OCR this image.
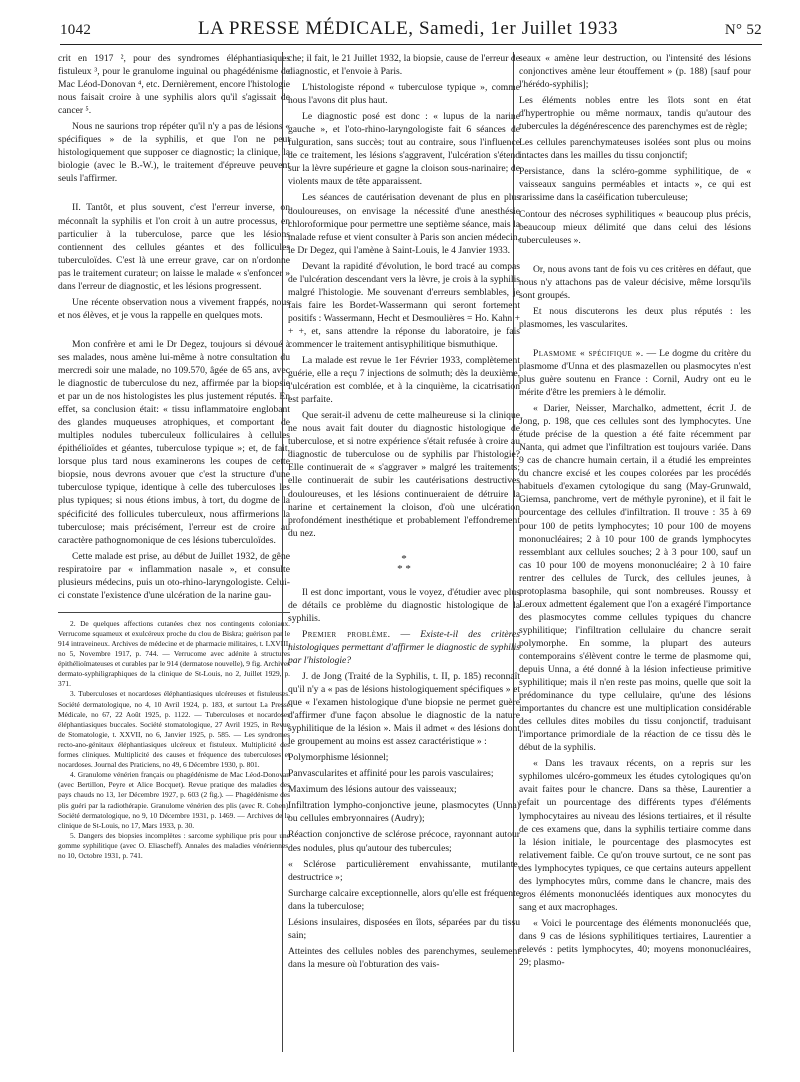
1042	LA PRESSE MÉDICALE, Samedi, 1er Juillet 1933	N° 52

crit en 1917 ², pour des syndromes éléphantiasiques fistuleux ³, pour le granulome inguinal ou phagédénisme de Mac Léod-Donovan ⁴, etc. Dernièrement, encore l'histologie nous faisait croire à une syphilis alors qu'il s'agissait de cancer ⁵.

Nous ne saurions trop répéter qu'il n'y a pas de lésions « spécifiques » de la syphilis, et que l'on ne peut histologiquement que supposer ce diagnostic; la clinique, la biologie (avec le B.-W.), le traitement d'épreuve peuvent seuls l'affirmer.

II. Tantôt, et plus souvent, c'est l'erreur inverse, on méconnaît la syphilis et l'on croit à un autre processus, en particulier à la tuberculose, parce que les lésions contiennent des cellules géantes et des follicules tuberculoïdes. C'est là une erreur grave, car on n'ordonne pas le traitement curateur; on laisse le malade « s'enfoncer » dans l'erreur de diagnostic, et les lésions progressent.

Une récente observation nous a vivement frappés, nous et nos élèves, et je vous la rappelle en quelques mots.

Mon confrère et ami le Dr Degez, toujours si dévoué à ses malades, nous amène lui-même à notre consultation du mercredi soir une malade, no 109.570, âgée de 65 ans, avec le diagnostic de tuberculose du nez, affirmée par la biopsie et par un de nos histologistes les plus justement réputés. En effet, sa conclusion était: « tissu inflammatoire englobant des glandes muqueuses atrophiques, et comportant de multiples nodules tuberculeux folliculaires à cellules épithélioïdes et géantes, tuberculose typique »; et, de fait, lorsque plus tard nous examinerons les coupes de cette biopsie, nous devrons avouer que c'est la structure d'une tuberculose typique, identique à celle des tuberculoses les plus typiques; si nous étions imbus, à tort, du dogme de la spécificité des follicules tuberculeux, nous affirmerions la tuberculose; mais précisément, l'erreur est de croire au caractère pathognomonique de ces lésions tuberculoïdes.

Cette malade est prise, au début de Juillet 1932, de gêne respiratoire par « inflammation nasale », et consulte plusieurs médecins, puis un oto-rhino-laryngologiste. Celui-ci constate l'existence d'une ulcération de la narine gau-

2. De quelques affections cutanées chez nos contingents coloniaux. Verrucome squameux et exulcéreux proche du clou de Biskra; guérison par le 914 intraveineux. Archives de médecine et de pharmacie militaires, t. LXVIII, no 5, Novembre 1917, p. 744. — Verrucome avec adénite à structures épithélioïmateuses et curables par le 914 (dermatose nouvelle), 9 fig. Archives dermato-syphiligraphiques de la clinique de St-Louis, no 2, Juillet 1929, p. 371.

3. Tuberculoses et nocardoses éléphantiasiques ulcéreuses et fistuleuses. Société dermatologique, no 4, 10 Avril 1924, p. 183, et surtout La Presse Médicale, no 67, 22 Août 1925, p. 1122. — Tuberculoses et nocardoses éléphantiasiques buccales. Société stomatologique, 27 Avril 1925, in Revue de Stomatologie, t. XXVII, no 6, Janvier 1925, p. 585. — Les syndromes recto-ano-génitaux éléphantiasiques ulcéreux et fistuleux. Multiplicité des formes cliniques. Multiplicité des causes et fréquence des tuberculoses et nocardoses. Journal des Praticiens, no 49, 6 Décembre 1930, p. 801.

4. Granulome vénérien français ou phagédénisme de Mac Léod-Donovan (avec Bertillon, Peyre et Alice Bocquet). Revue pratique des maladies des pays chauds no 13, 1er Décembre 1927, p. 603 (2 fig.). — Phagédénisme des plis guéri par la radiothérapie. Granulome vénérien des plis (avec R. Cohen). Société dermatologique, no 9, 10 Décembre 1931, p. 1469. — Archives de la clinique de St-Louis, no 17, Mars 1933, p. 30.

5. Dangers des biopsies incomplètes : sarcome syphilique pris pour une gomme syphilitique (avec O. Eliascheff). Annales des maladies vénériennes, no 10, Octobre 1931, p. 741.

che; il fait, le 21 Juillet 1932, la biopsie, cause de l'erreur de diagnostic, et l'envoie à Paris.

L'histologiste répond « tuberculose typique », comme nous l'avons dit plus haut.

Le diagnostic posé est donc : « lupus de la narine gauche », et l'oto-rhino-laryngologiste fait 6 séances de fulguration, sans succès; tout au contraire, sous l'influence de ce traitement, les lésions s'aggravent, l'ulcération s'étend sur la lèvre supérieure et gagne la cloison sous-narinaire; de violents maux de tête apparaissent.

Les séances de cautérisation devenant de plus en plus douloureuses, on envisage la nécessité d'une anesthésie chloroformique pour permettre une septième séance, mais la malade refuse et vient consulter à Paris son ancien médecin, le Dr Degez, qui l'amène à Saint-Louis, le 4 Janvier 1933.

Devant la rapidité d'évolution, le bord tracé au compas de l'ulcération descendant vers la lèvre, je crois à la syphilis malgré l'histologie. Me souvenant d'erreurs semblables, je fais faire les Bordet-Wassermann qui seront fortement positifs : Wassermann, Hecht et Desmoulières = Ho. Kahn + + +, et, sans attendre la réponse du laboratoire, je fais commencer le traitement antisyphilitique bismuthique.

La malade est revue le 1er Février 1933, complètement guérie, elle a reçu 7 injections de solmuth; dès la deuxième, l'ulcération est comblée, et à la cinquième, la cicatrisation est parfaite.

Que serait-il advenu de cette malheureuse si la clinique ne nous avait fait douter du diagnostic histologique de tuberculose, et si notre expérience s'était refusée à croire au diagnostic de tuberculose ou de syphilis par l'histologie? Elle continuerait de « s'aggraver » malgré les traitements; elle continuerait de subir les cautérisations destructives douloureuses, et les lésions continueraient de détruire la narine et certainement la cloison, d'où une ulcération profondément inesthétique et probablement l'effondrement du nez.

*
* *

Il est donc important, vous le voyez, d'étudier avec plus de détails ce problème du diagnostic histologique de la syphilis.

Premier problème. — Existe-t-il des critères histologiques permettant d'affirmer le diagnostic de syphilis par l'histologie?

J. de Jong (Traité de la Syphilis, t. II, p. 185) reconnaît qu'il n'y a « pas de lésions histologiquement spécifiques » et que « l'examen histologique d'une biopsie ne permet guère d'affirmer d'une façon absolue le diagnostic de la nature syphilitique de la lésion ». Mais il admet « des lésions dont le groupement au moins est assez caractéristique » :

Polymorphisme lésionnel;

Panvascularites et affinité pour les parois vasculaires;

Maximum des lésions autour des vaisseaux;

Infiltration lympho-conjonctive jeune, plasmocytes (Unna) ou cellules embryonnaires (Audry);

Réaction conjonctive de sclérose précoce, rayonnant autour des nodules, plus qu'autour des tubercules;

« Sclérose particulièrement envahissante, mutilante, destructrice »;

Surcharge calcaire exceptionnelle, alors qu'elle est fréquente dans la tuberculose;

Lésions insulaires, disposées en îlots, séparées par du tissu sain;

Atteintes des cellules nobles des parenchymes, seulement dans la mesure où l'obturation des vais-

seaux « amène leur destruction, ou l'intensité des lésions conjonctives amène leur étouffement » (p. 188) [sauf pour l'hérédo-syphilis];

Les éléments nobles entre les îlots sont en état d'hypertrophie ou même normaux, tandis qu'autour des tubercules la dégénérescence des parenchymes est de règle;

Les cellules parenchymateuses isolées sont plus ou moins intactes dans les mailles du tissu conjonctif;

Persistance, dans la scléro-gomme syphilitique, de « vaisseaux sanguins perméables et intacts », ce qui est rarissime dans la caséification tuberculeuse;

Contour des nécroses syphilitiques « beaucoup plus précis, beaucoup mieux délimité que dans celui des lésions tuberculeuses ».

Or, nous avons tant de fois vu ces critères en défaut, que nous n'y attachons pas de valeur décisive, même lorsqu'ils sont groupés.

Et nous discuterons les deux plus réputés : les plasmomes, les vascularites.

Plasmome « spécifique ». — Le dogme du critère du plasmome d'Unna et des plasmazellen ou plasmocytes n'est plus guère soutenu en France : Cornil, Audry ont eu le mérite d'être les premiers à le démolir.

« Darier, Neisser, Marchalko, admettent, écrit J. de Jong, p. 198, que ces cellules sont des lymphocytes. Une étude précise de la question a été faite récemment par Nanta, qui admet que l'infiltration est toujours variée. Dans 9 cas de chancre humain certain, il a étudié les empreintes du chancre excisé et les coupes colorées par les procédés habituels d'examen cytologique du sang (May-Grunwald, Giemsa, panchrome, vert de méthyle pyronine), et il fait le pourcentage des cellules d'infiltration. Il trouve : 35 à 69 pour 100 de petits lymphocytes; 10 pour 100 de moyens mononucléaires; 2 à 10 pour 100 de grands lymphocytes ressemblant aux cellules souches; 2 à 3 pour 100, sauf un cas 10 pour 100 de moyens mononucléaire; 2 à 10 faire rentrer des cellules de Turck, des cellules jeunes, à protoplasma basophile, qui sont nombreuses. Roussy et Leroux admettent également que l'on a exagéré l'importance des plasmocytes comme cellules typiques du chancre syphilitique; l'infiltration cellulaire du chancre serait polymorphe. En somme, la plupart des auteurs contemporains s'élèvent contre le terme de plasmome qui, depuis Unna, a été donné à la lésion infectieuse primitive syphilitique; mais il n'en reste pas moins, quelle que soit la prédominance du type cellulaire, qu'une des lésions importantes du chancre est une multiplication considérable des cellules dites mobiles du tissu conjonctif, traduisant l'importance primordiale de la réaction de ce tissu dès le début de la syphilis.

« Dans les travaux récents, on a repris sur les syphilomes ulcéro-gommeux les études cytologiques qu'on avait faites pour le chancre. Dans sa thèse, Laurentier a refait un pourcentage des différents types d'éléments lymphocytaires au niveau des lésions tertiaires, et il résulte de ces examens que, dans la syphilis tertiaire comme dans la lésion initiale, le pourcentage des plasmocytes est relativement faible. Ce qu'on trouve surtout, ce ne sont pas des lymphocytes typiques, ce que certains auteurs appellent des lymphocytes mûrs, comme dans le chancre, mais des gros éléments mononucléés identiques aux monocytes du sang et aux macrophages.

« Voici le pourcentage des éléments mononucléés que, dans 9 cas de lésions syphilitiques tertiaires, Laurentier a relevés : petits lymphocytes, 40; moyens mononucléaires, 29; plasmo-
